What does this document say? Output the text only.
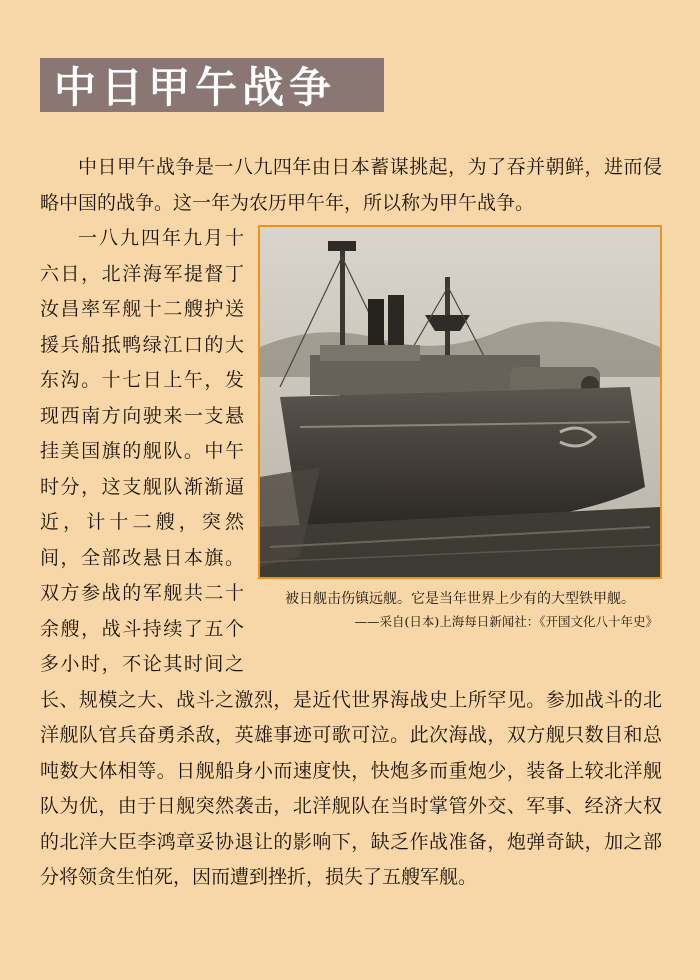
中日甲午战争

中日甲午战争是一八九四年由日本蓄谋挑起，为了吞并朝鲜，进而侵略中国的战争。这一年为农历甲午年，所以称为甲午战争。

被日舰击伤镇远舰。它是当年世界上少有的大型铁甲舰。
——采自(日本)上海每日新闻社：《开国文化八十年史》

一八九四年九月十六日，北洋海军提督丁汝昌率军舰十二艘护送援兵船抵鸭绿江口的大东沟。十七日上午，发现西南方向驶来一支悬挂美国旗的舰队。中午时分，这支舰队渐渐逼近，计十二艘，突然间，全部改悬日本旗。双方参战的军舰共二十余艘，战斗持续了五个多小时，不论其时间之长、规模之大、战斗之激烈，是近代世界海战史上所罕见。参加战斗的北洋舰队官兵奋勇杀敌，英雄事迹可歌可泣。此次海战，双方舰只数目和总吨数大体相等。日舰船身小而速度快，快炮多而重炮少，装备上较北洋舰队为优，由于日舰突然袭击，北洋舰队在当时掌管外交、军事、经济大权的北洋大臣李鸿章妥协退让的影响下，缺乏作战准备，炮弹奇缺，加之部分将领贪生怕死，因而遭到挫折，损失了五艘军舰。
